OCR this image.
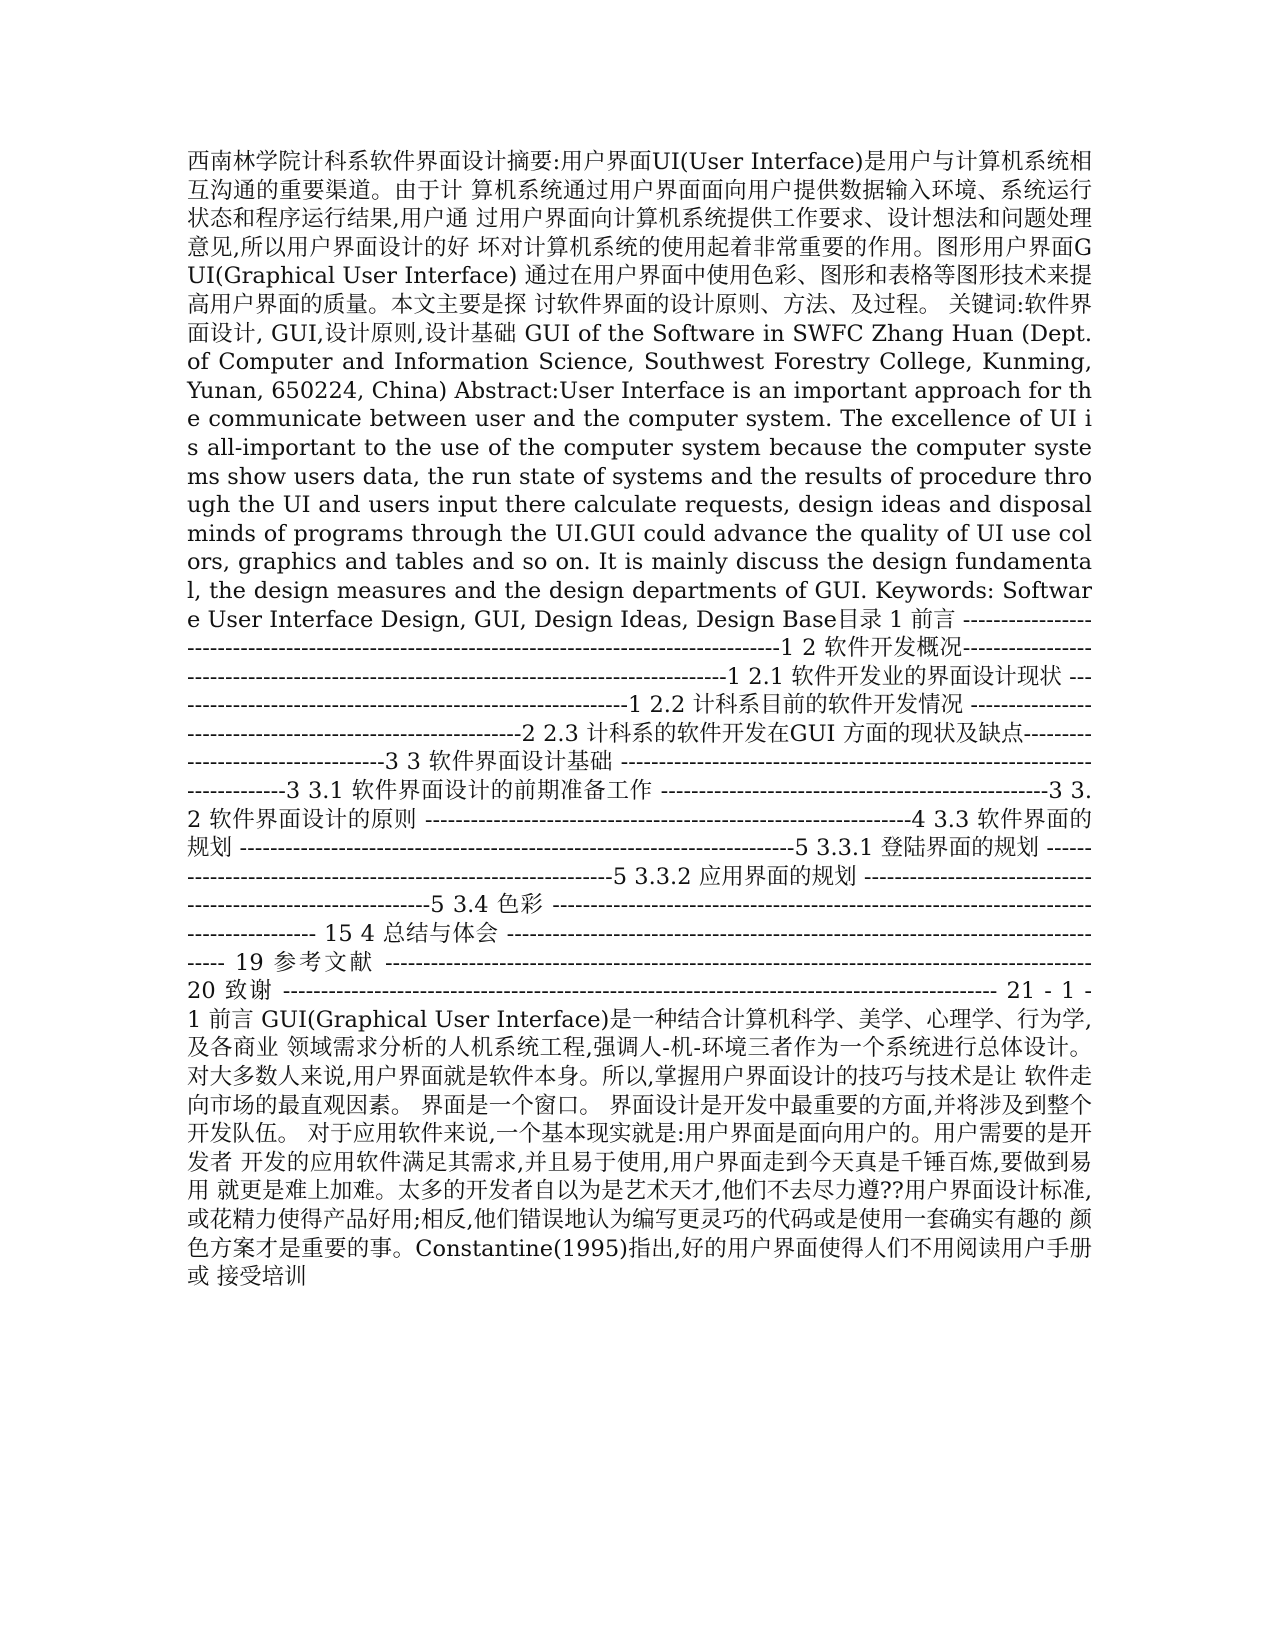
西南林学院计科系软件界面设计摘要:用户界面UI(User Interface)是用户与计算机系统相互沟通的重要渠道。由于计 算机系统通过用户界面面向用户提供数据输入环境、系统运行状态和程序运行结果,用户通 过用户界面向计算机系统提供工作要求、设计想法和问题处理意见,所以用户界面设计的好 坏对计算机系统的使用起着非常重要的作用。图形用户界面GUI(Graphical User Interface) 通过在用户界面中使用色彩、图形和表格等图形技术来提高用户界面的质量。本文主要是探 讨软件界面的设计原则、方法、及过程。 关键词:软件界面设计, GUI,设计原则,设计基础 GUI of the Software in SWFC Zhang Huan (Dept. of Computer and Information Science, Southwest Forestry College, Kunming, Yunan, 650224, China) Abstract:User Interface is an important approach for the communicate between user and the computer system. The excellence of UI is all-important to the use of the computer system because the computer systems show users data, the run state of systems and the results of procedure through the UI and users input there calculate requests, design ideas and disposal minds of programs through the UI.GUI could advance the quality of UI use colors, graphics and tables and so on. It is mainly discuss the design fundamental, the design measures and the design departments of GUI. Keywords: Software User Interface Design, GUI, Design Ideas, Design Base目录 1 前言 -----------------------------------------------------------------------------------------------1 2 软件开发概况----------------------------------------------------------------------------------------1 2.1 软件开发业的界面设计现状 -------------------------------------------------------------1 2.2 计科系目前的软件开发情况 ------------------------------------------------------------2 2.3 计科系的软件开发在GUI 方面的现状及缺点-----------------------------------3 3 软件界面设计基础 ---------------------------------------------------------------------------3 3.1 软件界面设计的前期准备工作 ---------------------------------------------------3 3.2 软件界面设计的原则 ----------------------------------------------------------------4 3.3 软件界面的规划 -------------------------------------------------------------------------5 3.3.1 登陆界面的规划 --------------------------------------------------------------5 3.3.2 应用界面的规划 --------------------------------------------------------------5 3.4 色彩 ---------------------------------------------------------------------------------------- 15 4 总结与体会 ---------------------------------------------------------------------------------- 19 参考文献 --------------------------------------------------------------------------------------------- 20 致谢 ---------------------------------------------------------------------------------------------- 21 - 1 - 1 前言 GUI(Graphical User Interface)是一种结合计算机科学、美学、心理学、行为学,及各商业 领域需求分析的人机系统工程,强调人-机-环境三者作为一个系统进行总体设计。 对大多数人来说,用户界面就是软件本身。所以,掌握用户界面设计的技巧与技术是让 软件走向市场的最直观因素。 界面是一个窗口。 界面设计是开发中最重要的方面,并将涉及到整个开发队伍。 对于应用软件来说,一个基本现实就是:用户界面是面向用户的。用户需要的是开发者 开发的应用软件满足其需求,并且易于使用,用户界面走到今天真是千锤百炼,要做到易用 就更是难上加难。太多的开发者自以为是艺术天才,他们不去尽力遵??用户界面设计标准, 或花精力使得产品好用;相反,他们错误地认为编写更灵巧的代码或是使用一套确实有趣的 颜色方案才是重要的事。Constantine(1995)指出,好的用户界面使得人们不用阅读用户手册或 接受培训
